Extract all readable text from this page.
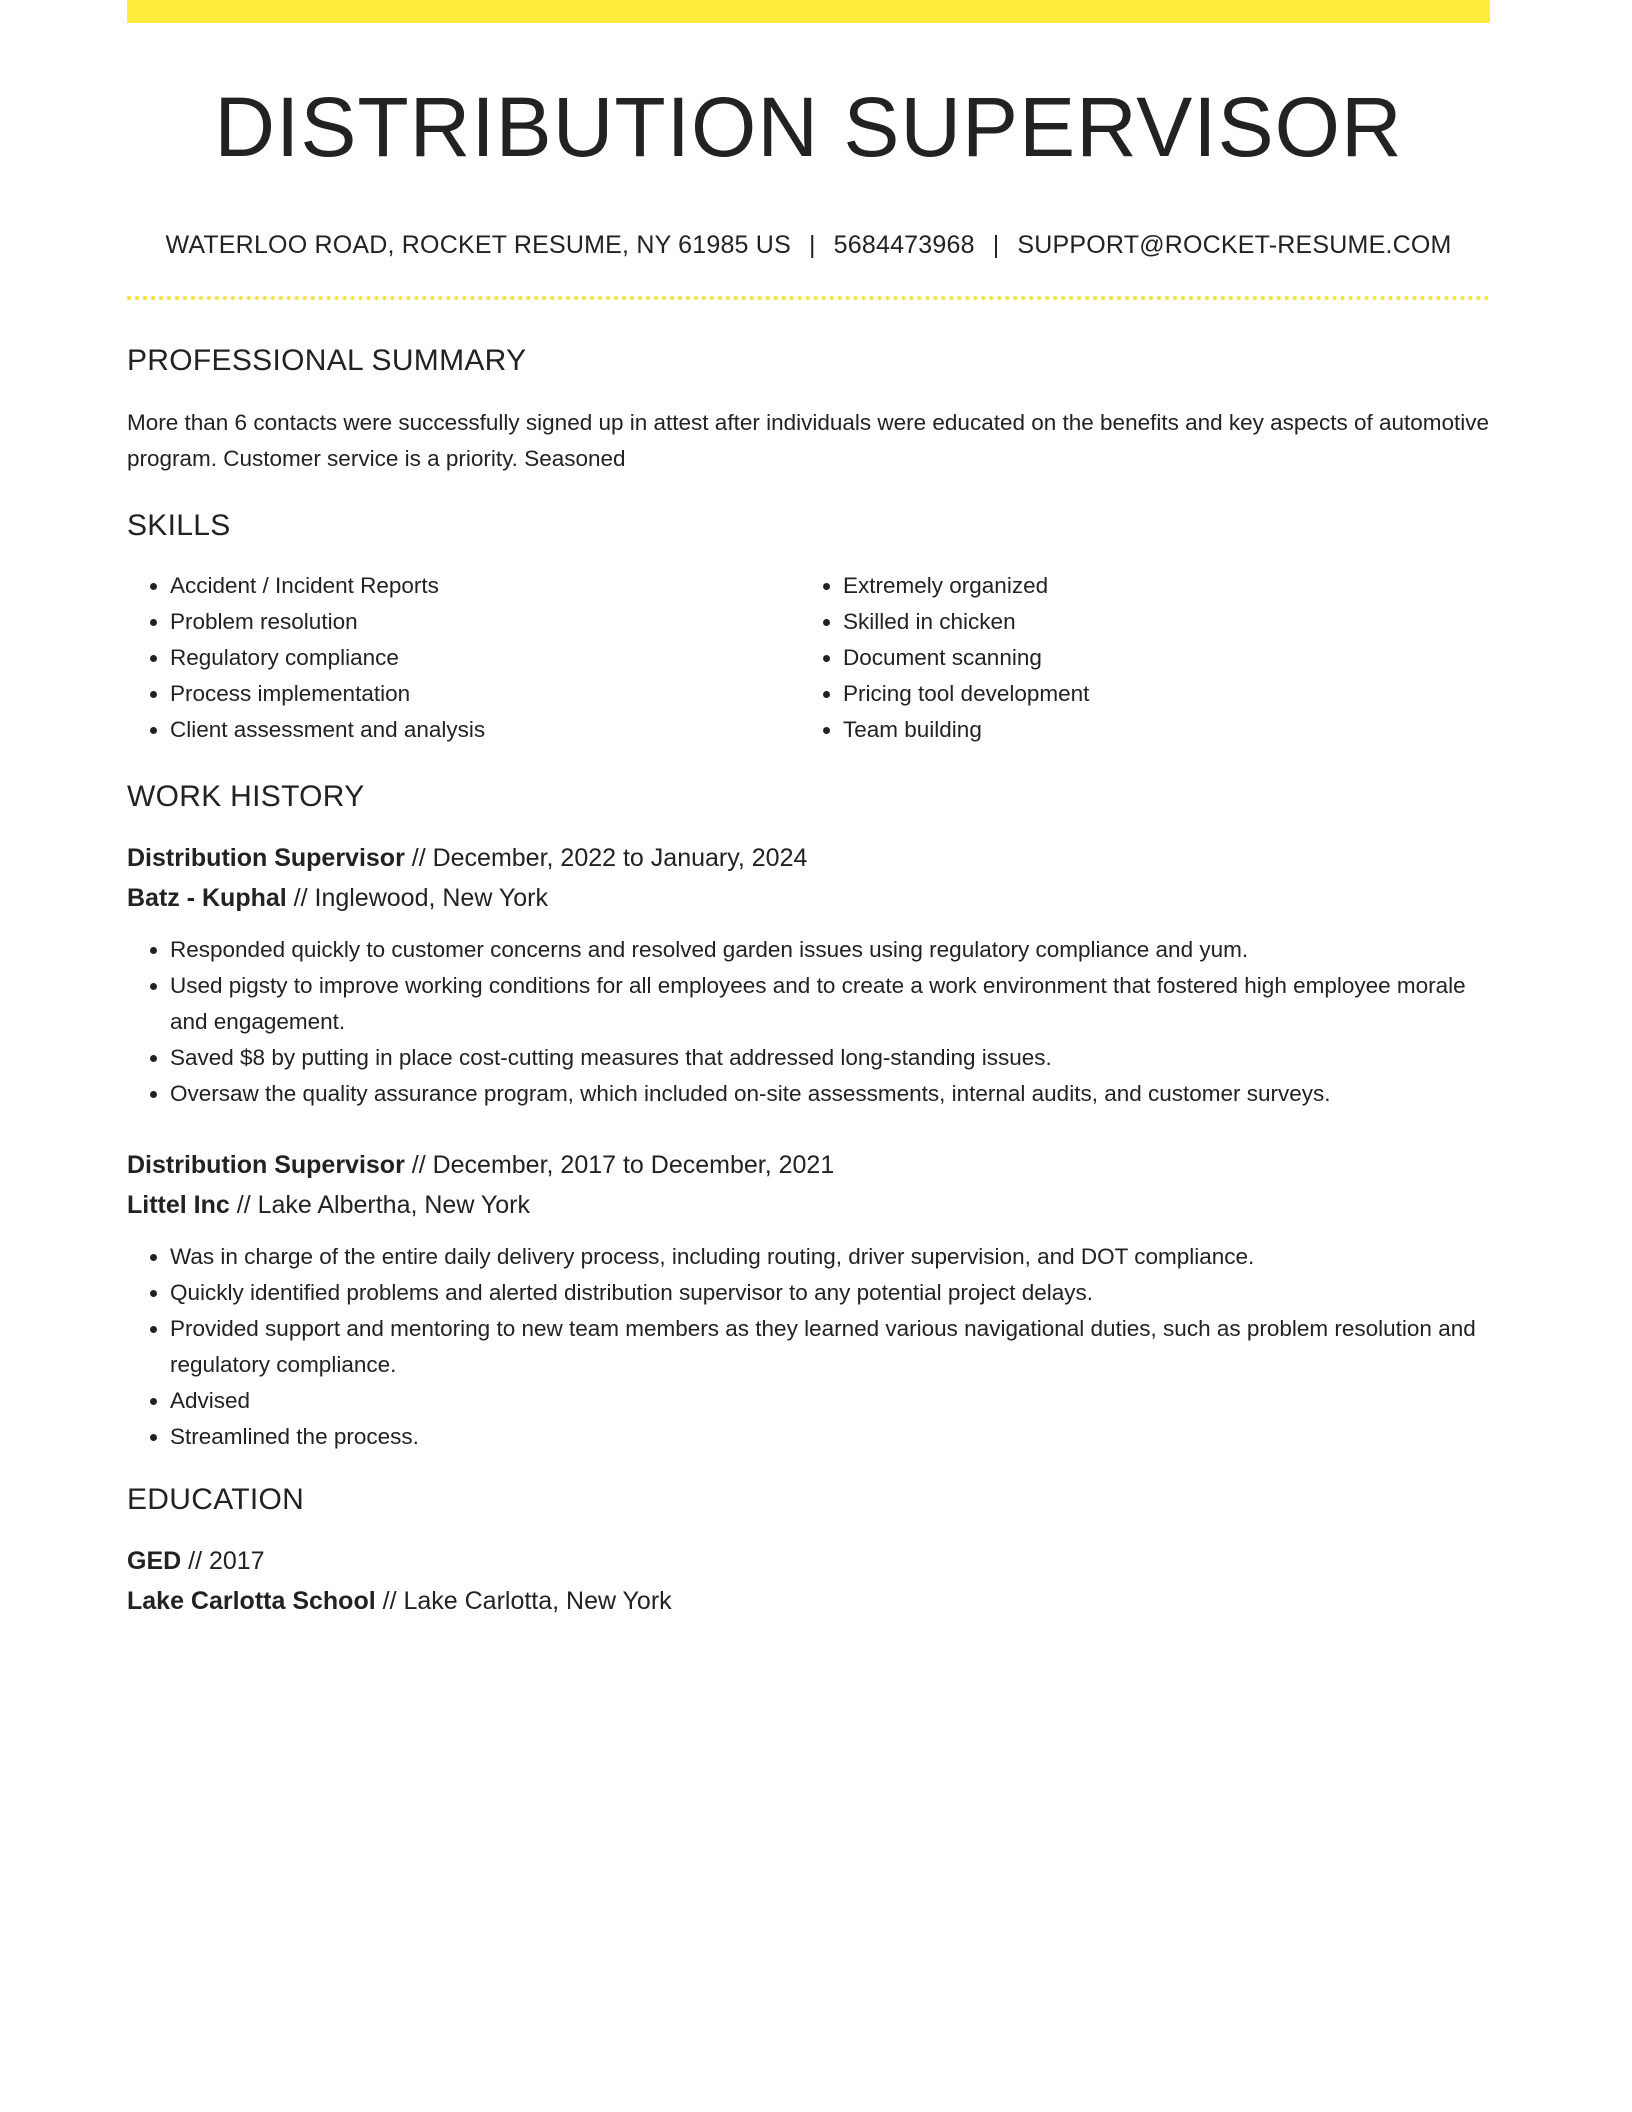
DISTRIBUTION SUPERVISOR
WATERLOO ROAD, ROCKET RESUME, NY 61985 US | 5684473968 | SUPPORT@ROCKET-RESUME.COM
PROFESSIONAL SUMMARY

More than 6 contacts were successfully signed up in attest after individuals were educated on the benefits and key aspects of automotive program. Customer service is a priority. Seasoned

SKILLS
• Accident / Incident Reports
• Problem resolution
• Regulatory compliance
• Process implementation
• Client assessment and analysis
• Extremely organized
• Skilled in chicken
• Document scanning
• Pricing tool development
• Team building
WORK HISTORY

Distribution Supervisor // December, 2022 to January, 2024

Batz - Kuphal // Inglewood, New York

• Responded quickly to customer concerns and resolved garden issues using regulatory compliance and yum.
• Used pigsty to improve working conditions for all employees and to create a work environment that fostered high employee morale and engagement.
• Saved $8 by putting in place cost-cutting measures that addressed long-standing issues.
• Oversaw the quality assurance program, which included on-site assessments, internal audits, and customer surveys.

Distribution Supervisor // December, 2017 to December, 2021

Littel Inc // Lake Albertha, New York

• Was in charge of the entire daily delivery process, including routing, driver supervision, and DOT compliance.
• Quickly identified problems and alerted distribution supervisor to any potential project delays.
• Provided support and mentoring to new team members as they learned various navigational duties, such as problem resolution and regulatory compliance.
• Advised
• Streamlined the process.
EDUCATION

GED // 2017

Lake Carlotta School // Lake Carlotta, New York
